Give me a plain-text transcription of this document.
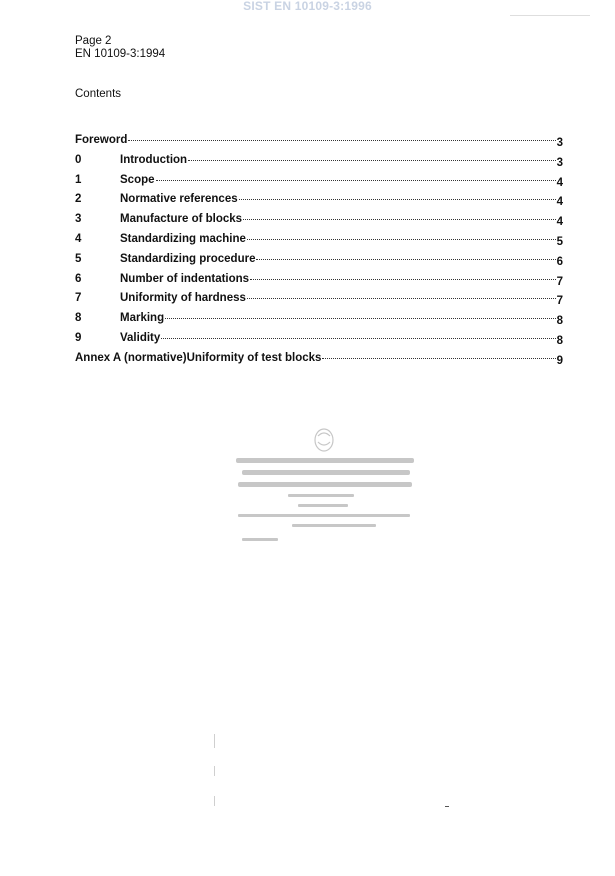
SIST EN 10109-3:1996
Page 2
EN 10109-3:1994
Contents
Foreword	3
0	Introduction	3
1	Scope	4
2	Normative references	4
3	Manufacture of blocks	4
4	Standardizing machine	5
5	Standardizing procedure	6
6	Number of indentations	7
7	Uniformity of hardness	7
8	Marking	8
9	Validity	8
Annex A (normative)Uniformity of test blocks	9
